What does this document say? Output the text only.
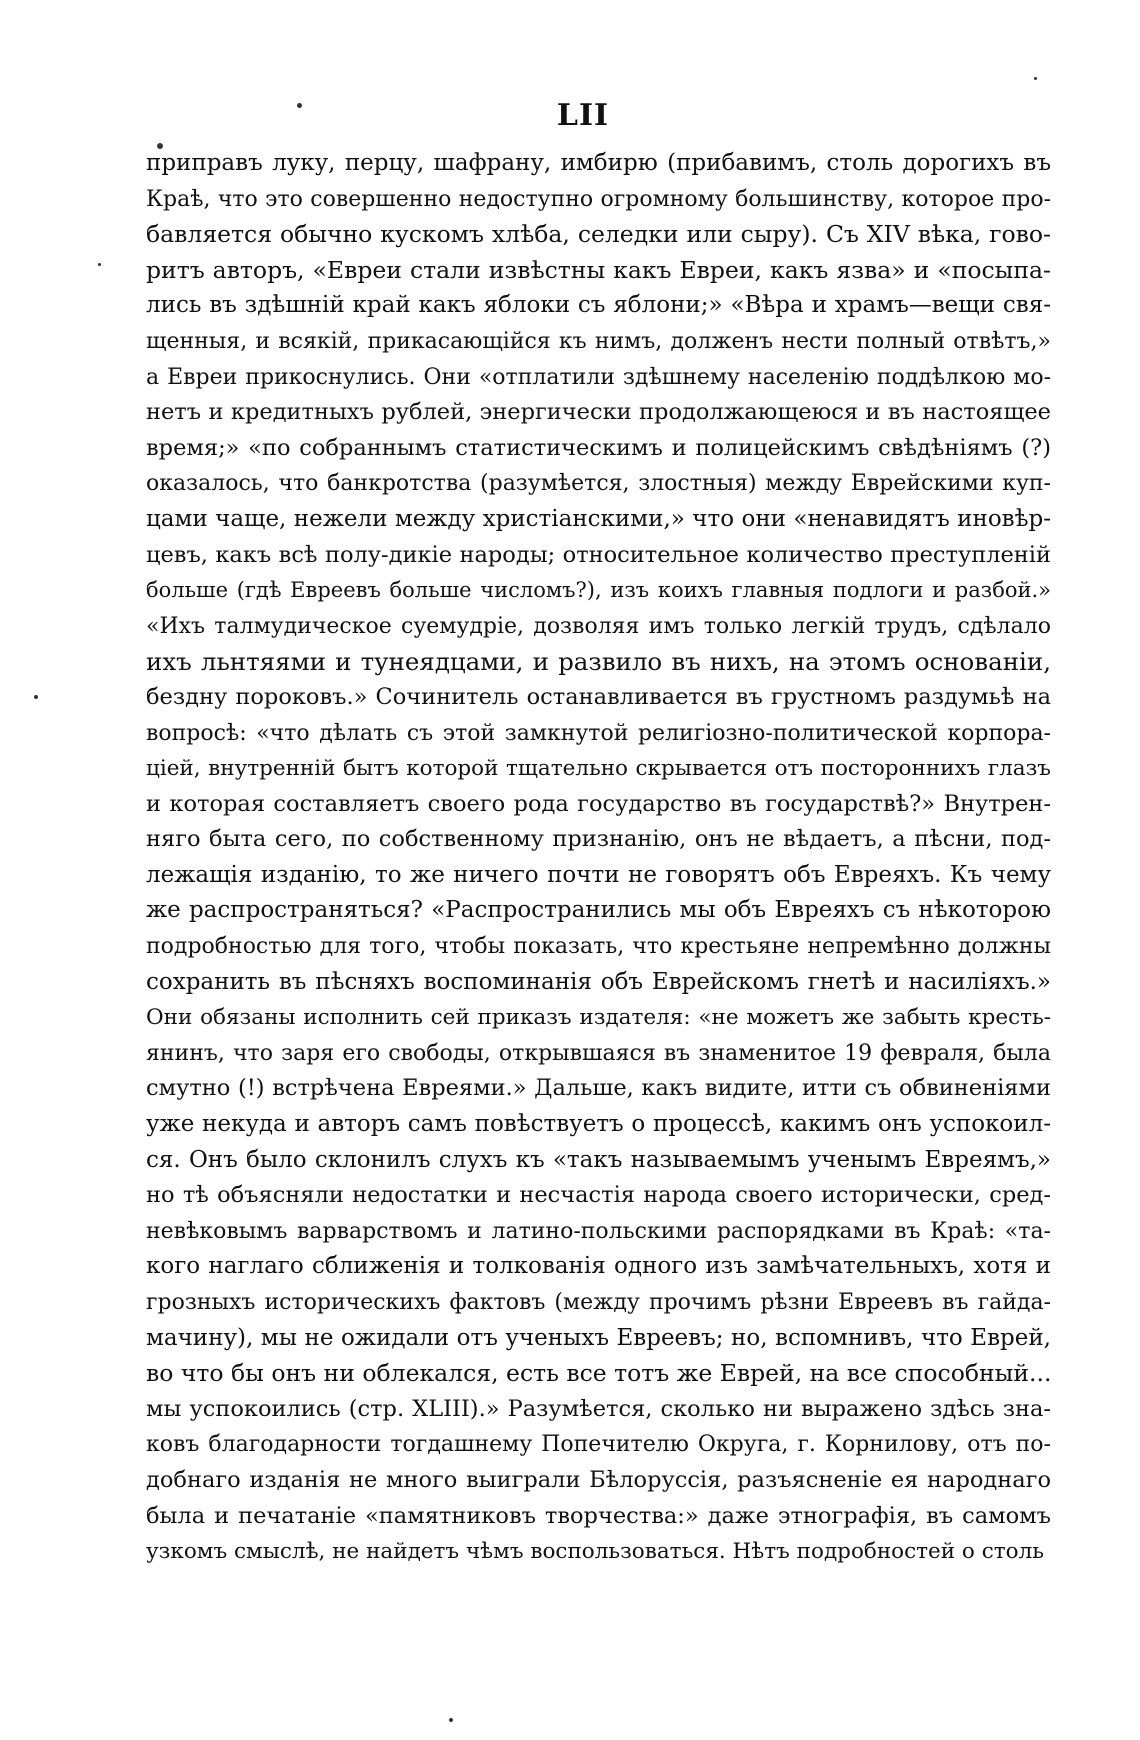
LII
приправъ луку, перцу, шафрану, имбирю (прибавимъ, столь дорогихъ въ
Краѣ, что это совершенно недоступно огромному большинству, которое про-
бавляется обычно кускомъ хлѣба, селедки или сыру). Съ XIV вѣка, гово-
ритъ авторъ, «Евреи стали извѣстны какъ Евреи, какъ язва» и «посыпа-
лись въ здѣшній край какъ яблоки съ яблони;» «Вѣра и храмъ—вещи свя-
щенныя, и всякій, прикасающійся къ нимъ, долженъ нести полный отвѣтъ,»
а Евреи прикоснулись. Они «отплатили здѣшнему населенію поддѣлкою мо-
нетъ и кредитныхъ рублей, энергически продолжающеюся и въ настоящее
время;» «по собраннымъ статистическимъ и полицейскимъ свѣдѣніямъ (?)
оказалось, что банкротства (разумѣется, злостныя) между Еврейскими куп-
цами чаще, нежели между христіанскими,» что они «ненавидятъ иновѣр-
цевъ, какъ всѣ полу-дикіе народы; относительное количество преступленій
больше (гдѣ Евреевъ больше числомъ?), изъ коихъ главныя подлоги и разбой.»
«Ихъ талмудическое суемудріе, дозволяя имъ только легкій трудъ, сдѣлало
ихъ льнтяями и тунеядцами, и развило въ нихъ, на этомъ основаніи,
бездну пороковъ.» Сочинитель останавливается въ грустномъ раздумьѣ на
вопросѣ: «что дѣлать съ этой замкнутой религіозно-политической корпора-
ціей, внутренній бытъ которой тщательно скрывается отъ постороннихъ глазъ
и которая составляетъ своего рода государство въ государствѣ?» Внутрен-
няго быта сего, по собственному признанію, онъ не вѣдаетъ, а пѣсни, под-
лежащія изданію, то же ничего почти не говорятъ объ Евреяхъ. Къ чему
же распространяться? «Распространились мы объ Евреяхъ съ нѣкоторою
подробностью для того, чтобы показать, что крестьяне непремѣнно должны
сохранить въ пѣсняхъ воспоминанія объ Еврейскомъ гнетѣ и насиліяхъ.»
Они обязаны исполнить сей приказъ издателя: «не можетъ же забыть кресть-
янинъ, что заря его свободы, открывшаяся въ знаменитое 19 февраля, была
смутно (!) встрѣчена Евреями.» Дальше, какъ видите, итти съ обвиненіями
уже некуда и авторъ самъ повѣствуетъ о процессѣ, какимъ онъ успокоил-
ся. Онъ было склонилъ слухъ къ «такъ называемымъ ученымъ Евреямъ,»
но тѣ объясняли недостатки и несчастія народа своего исторически, сред-
невѣковымъ варварствомъ и латино-польскими распорядками въ Краѣ: «та-
кого наглаго сближенія и толкованія одного изъ замѣчательныхъ, хотя и
грозныхъ историческихъ фактовъ (между прочимъ рѣзни Евреевъ въ гайда-
мачину), мы не ожидали отъ ученыхъ Евреевъ; но, вспомнивъ, что Еврей,
во что бы онъ ни облекался, есть все тотъ же Еврей, на все способный...
мы успокоились (стр. XLIII).» Разумѣется, сколько ни выражено здѣсь зна-
ковъ благодарности тогдашнему Попечителю Округа, г. Корнилову, отъ по-
добнаго изданія не много выиграли Бѣлоруссія, разъясненіе ея народнаго
была и печатаніе «памятниковъ творчества:» даже этнографія, въ самомъ
узкомъ смыслѣ, не найдетъ чѣмъ воспользоваться. Нѣтъ подробностей о столь
